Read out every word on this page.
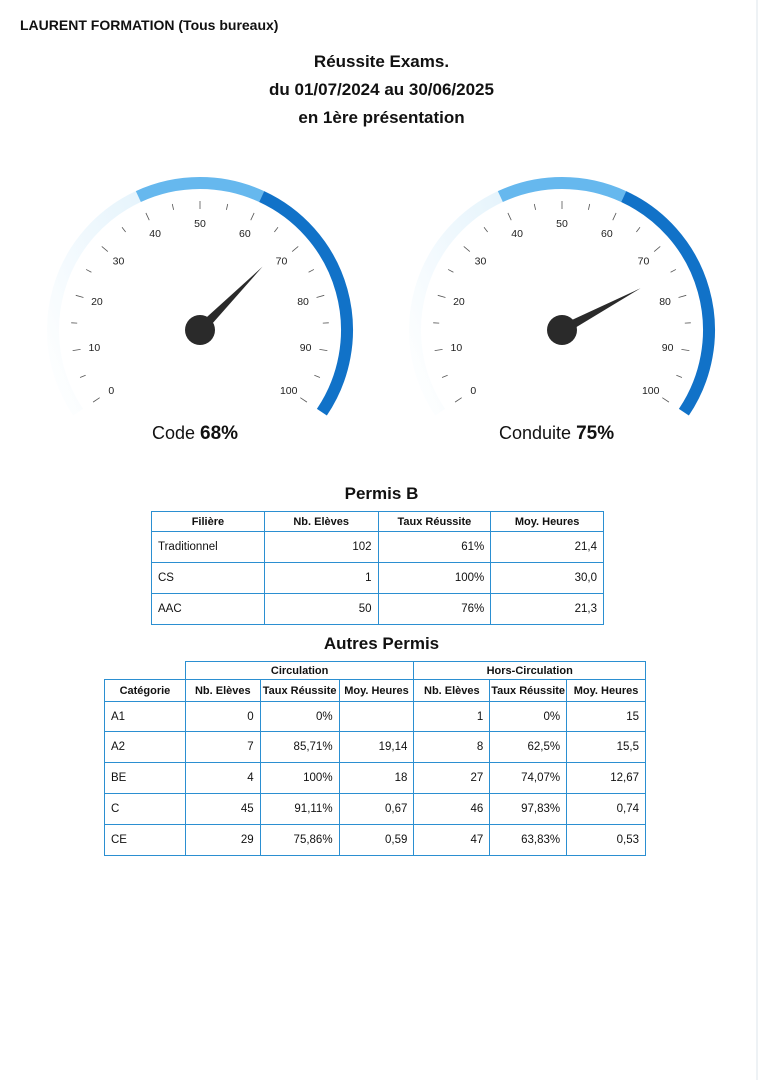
LAURENT FORMATION (Tous bureaux)
Réussite Exams.
du 01/07/2024 au 30/06/2025
en 1ère présentation
0
10
20
30
40
50
60
70
80
90
100
Code 68%
0
10
20
30
40
50
60
70
80
90
100
Conduite 75%
Permis B
Filière	Nb. Elèves	Taux Réussite	Moy. Heures
Traditionnel	102	61%	21,4
CS	1	100%	30,0
AAC	50	76%	21,3
Autres Permis
	Circulation			Hors-Circulation		
Catégorie	Nb. Elèves	Taux Réussite	Moy. Heures	Nb. Elèves	Taux Réussite	Moy. Heures
A1	0	0%		1	0%	15
A2	7	85,71%	19,14	8	62,5%	15,5
BE	4	100%	18	27	74,07%	12,67
C	45	91,11%	0,67	46	97,83%	0,74
CE	29	75,86%	0,59	47	63,83%	0,53
